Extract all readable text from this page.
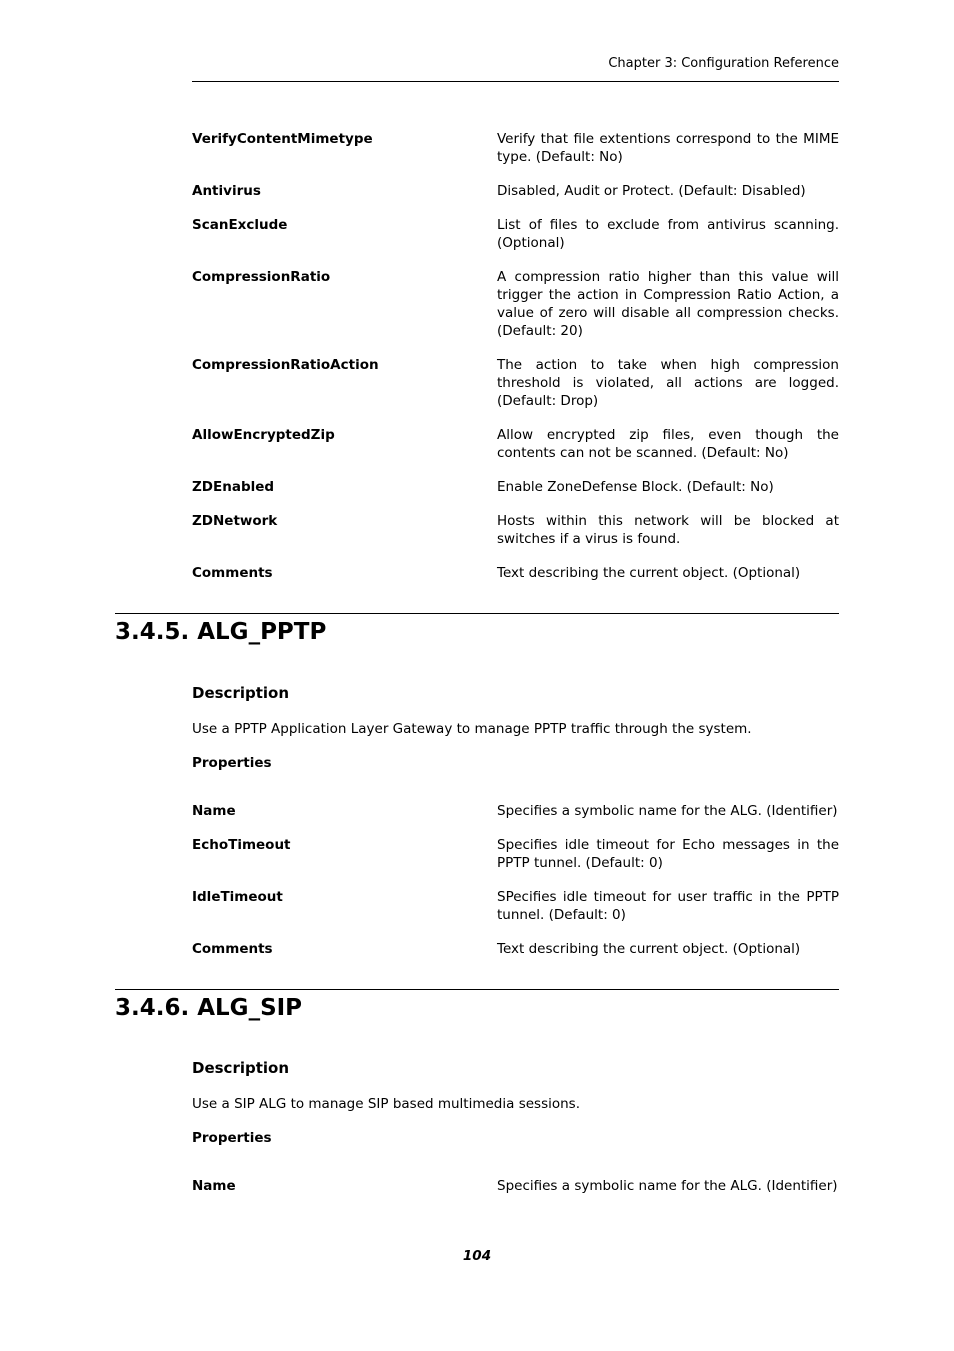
Chapter 3: Configuration Reference
VerifyContentMimetype	Verify that file extentions correspond to the MIME type. (Default: No)
Antivirus	Disabled, Audit or Protect. (Default: Disabled)
ScanExclude	List of files to exclude from antivirus scanning. (Optional)
CompressionRatio	A compression ratio higher than this value will trigger the action in Compression Ratio Action, a value of zero will disable all compression checks. (Default: 20)
CompressionRatioAction	The action to take when high compression threshold is violated, all actions are logged. (Default: Drop)
AllowEncryptedZip	Allow encrypted zip files, even though the contents can not be scanned. (Default: No)
ZDEnabled	Enable ZoneDefense Block. (Default: No)
ZDNetwork	Hosts within this network will be blocked at switches if a virus is found.
Comments	Text describing the current object. (Optional)
3.4.5. ALG_PPTP
Description
Use a PPTP Application Layer Gateway to manage PPTP traffic through the system.
Properties
Name	Specifies a symbolic name for the ALG. (Identifier)
EchoTimeout	Specifies idle timeout for Echo messages in the PPTP tunnel. (Default: 0)
IdleTimeout	SPecifies idle timeout for user traffic in the PPTP tunnel. (Default: 0)
Comments	Text describing the current object. (Optional)
3.4.6. ALG_SIP
Description
Use a SIP ALG to manage SIP based multimedia sessions.
Properties
Name	Specifies a symbolic name for the ALG. (Identifier)
104
